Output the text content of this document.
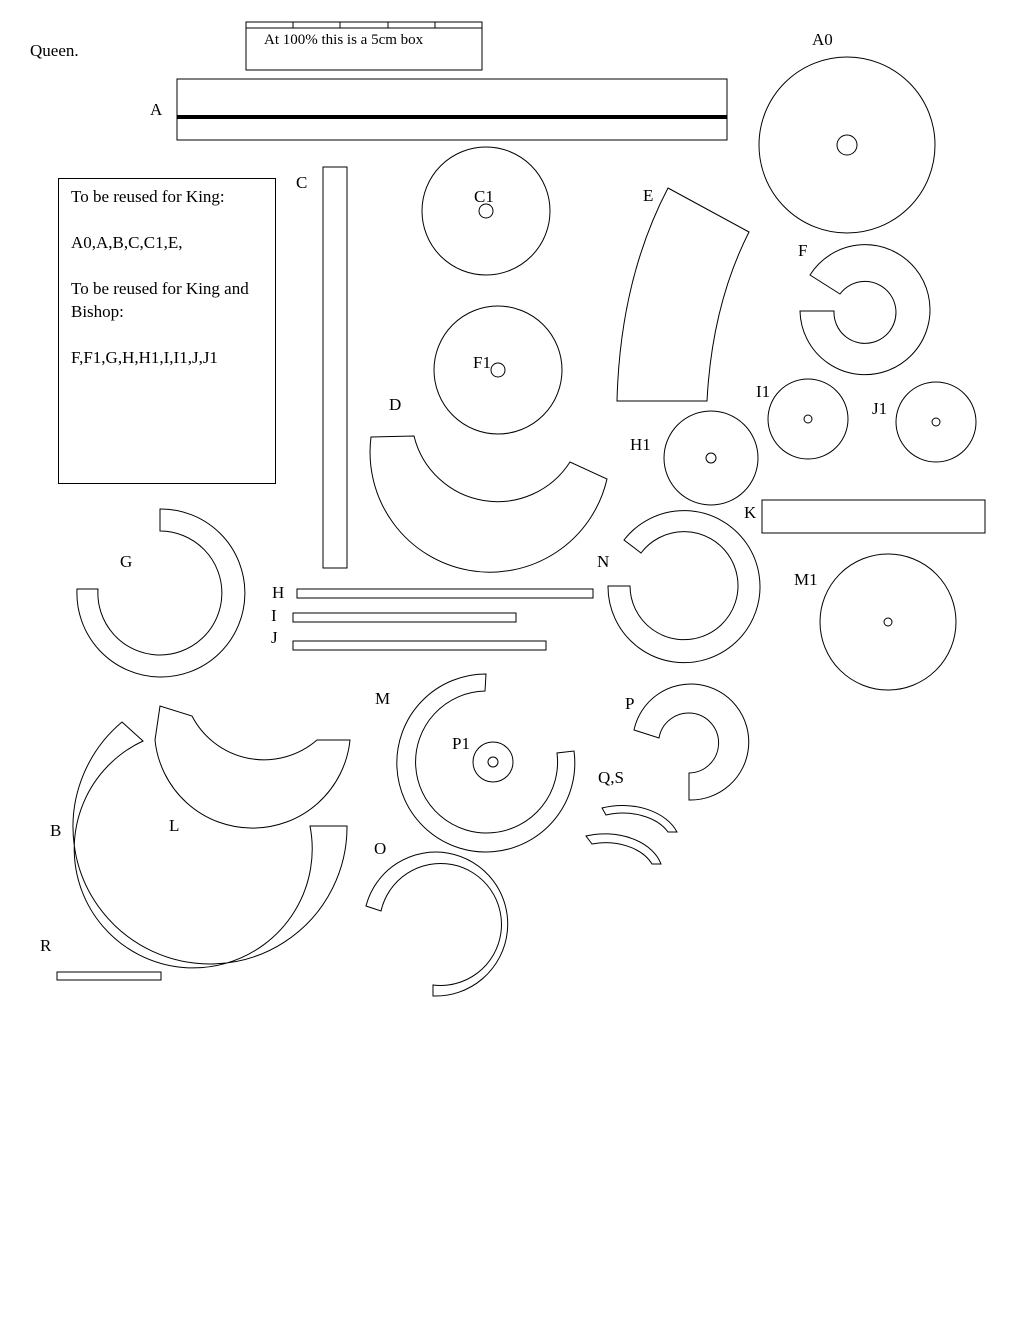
Queen.
At 100% this is a 5cm box
A
A0
C
C1
F1
E
F
D
I1
J1
H1
K
G	N
M1
H
I
J
M
P1
P
Q,S
B	L
O
R

To be reused for King:

A0,A,B,C,C1,E,

To be reused for King and Bishop:

F,F1,G,H,H1,I,I1,J,J1
